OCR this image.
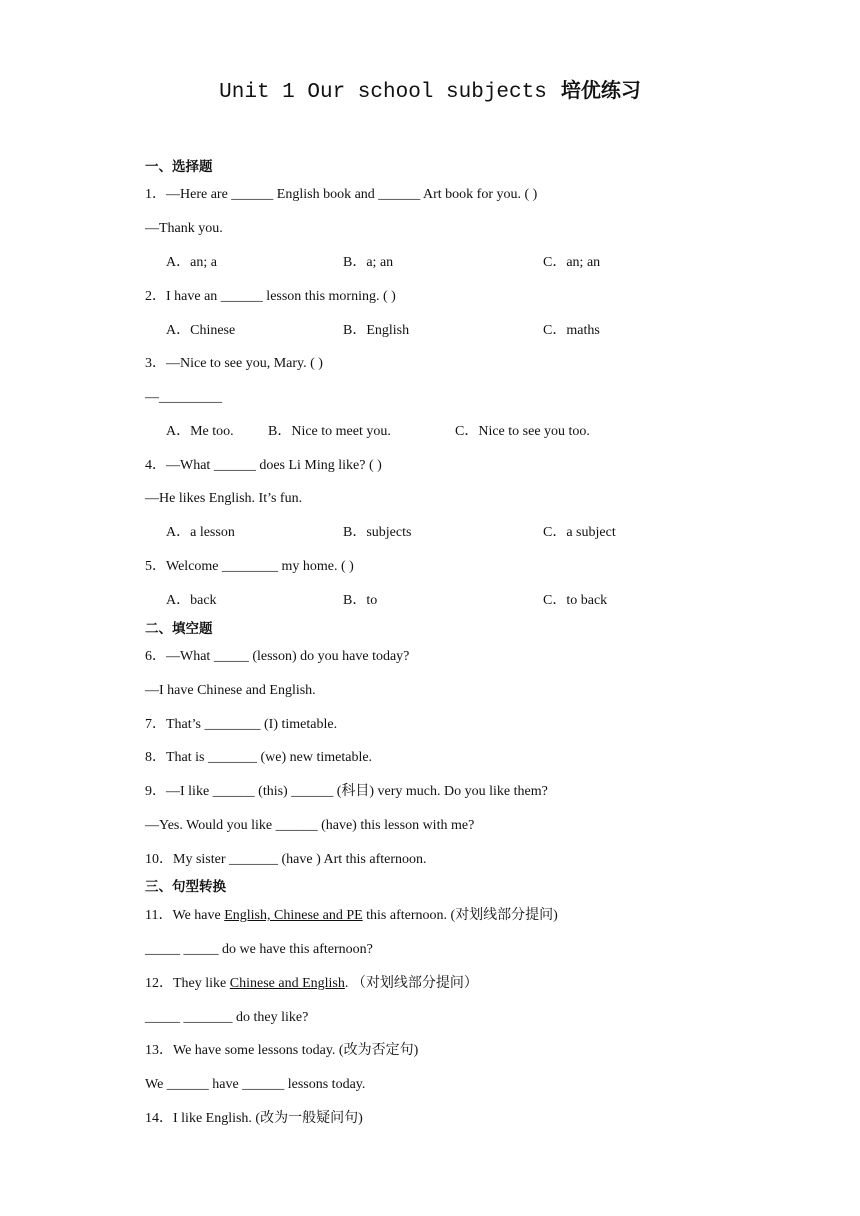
Unit 1 Our school subjects 培优练习
一、选择题
1．—Here are ______ English book and ______ Art book for you. ( )
—Thank you.
A．an; a	B．a; an	C．an; an
2．I have an ______ lesson this morning. ( )
A．Chinese	B．English	C．maths
3．—Nice to see you, Mary. ( )
—_________
A．Me too. B．Nice to meet you.	C．Nice to see you too.
4．—What ______ does Li Ming like? ( )
—He likes English. It’s fun.
A．a lesson	B．subjects	C．a subject
5．Welcome ________ my home. ( )
A．back	B．to	C．to back
二、填空题
6．—What _____ (lesson) do you have today?
—I have Chinese and English.
7．That’s ________ (I) timetable.
8．That is _______ (we) new timetable.
9．—I like ______ (this) ______ (科目) very much. Do you like them?
—Yes. Would you like ______ (have) this lesson with me?
10．My sister _______ (have ) Art this afternoon.
三、句型转换
11．We have English, Chinese and PE this afternoon. (对划线部分提问)
_____ _____ do we have this afternoon?
12．They like Chinese and English. （对划线部分提问）
_____ _______ do they like?
13．We have some lessons today. (改为否定句)
We ______ have ______ lessons today.
14．I like English. (改为一般疑问句)
